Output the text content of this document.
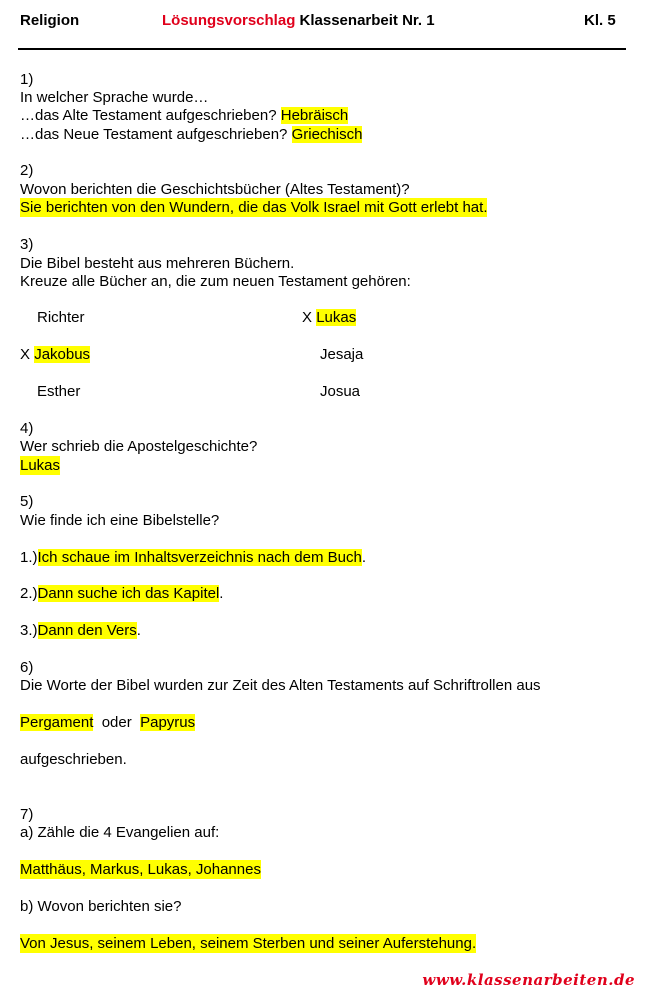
Religion	Lösungsvorschlag Klassenarbeit Nr. 1	Kl. 5
1)
In welcher Sprache wurde…
…das Alte Testament aufgeschrieben? Hebräisch
…das Neue Testament aufgeschrieben? Griechisch
2)
Wovon berichten die Geschichtsbücher (Altes Testament)?
Sie berichten von den Wundern, die das Volk Israel mit Gott erlebt hat.
3)
Die Bibel besteht aus mehreren Büchern.
Kreuze alle Bücher an, die zum neuen Testament gehören:
Richter	X Lukas
X Jakobus	Jesaja
Esther	Josua
4)
Wer schrieb die Apostelgeschichte?
Lukas
5)
Wie finde ich eine Bibelstelle?
1.)Ich schaue im Inhaltsverzeichnis nach dem Buch.
2.)Dann suche ich das Kapitel.
3.)Dann den Vers.
6)
Die Worte der Bibel wurden zur Zeit des Alten Testaments auf Schriftrollen aus
Pergament oder Papyrus
aufgeschrieben.
7)
a) Zähle die 4 Evangelien auf:
Matthäus, Markus, Lukas, Johannes
b) Wovon berichten sie?
Von Jesus, seinem Leben, seinem Sterben und seiner Auferstehung.
www.klassenarbeiten.de
